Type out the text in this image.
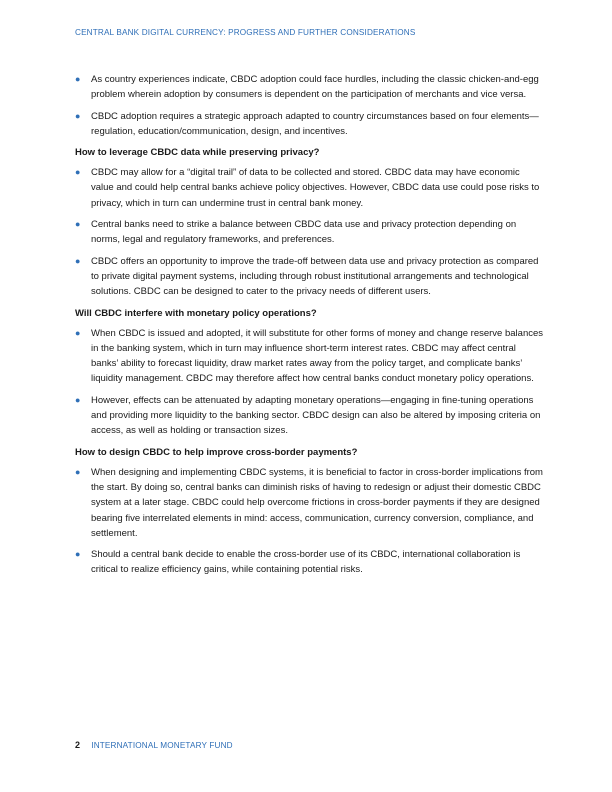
CENTRAL BANK DIGITAL CURRENCY: PROGRESS AND FURTHER CONSIDERATIONS
● As country experiences indicate, CBDC adoption could face hurdles, including the classic chicken-and-egg problem wherein adoption by consumers is dependent on the participation of merchants and vice versa.
● CBDC adoption requires a strategic approach adapted to country circumstances based on four elements—regulation, education/communication, design, and incentives.

How to leverage CBDC data while preserving privacy?

● CBDC may allow for a “digital trail” of data to be collected and stored. CBDC data may have economic value and could help central banks achieve policy objectives. However, CBDC data use could pose risks to privacy, which in turn can undermine trust in central bank money.
● Central banks need to strike a balance between CBDC data use and privacy protection depending on norms, legal and regulatory frameworks, and preferences.
● CBDC offers an opportunity to improve the trade-off between data use and privacy protection as compared to private digital payment systems, including through robust institutional arrangements and technological solutions. CBDC can be designed to cater to the privacy needs of different users.

Will CBDC interfere with monetary policy operations?

● When CBDC is issued and adopted, it will substitute for other forms of money and change reserve balances in the banking system, which in turn may influence short-term interest rates. CBDC may affect central banks’ ability to forecast liquidity, draw market rates away from the policy target, and complicate banks’ liquidity management. CBDC may therefore affect how central banks conduct monetary policy operations.
● However, effects can be attenuated by adapting monetary operations—engaging in fine-tuning operations and providing more liquidity to the banking sector. CBDC design can also be altered by imposing criteria on access, as well as holding or transaction sizes.

How to design CBDC to help improve cross-border payments?

● When designing and implementing CBDC systems, it is beneficial to factor in cross-border implications from the start. By doing so, central banks can diminish risks of having to redesign or adjust their domestic CBDC system at a later stage. CBDC could help overcome frictions in cross-border payments if they are designed bearing five interrelated elements in mind: access, communication, currency conversion, compliance, and settlement.
● Should a central bank decide to enable the cross-border use of its CBDC, international collaboration is critical to realize efficiency gains, while containing potential risks.
2 INTERNATIONAL MONETARY FUND
